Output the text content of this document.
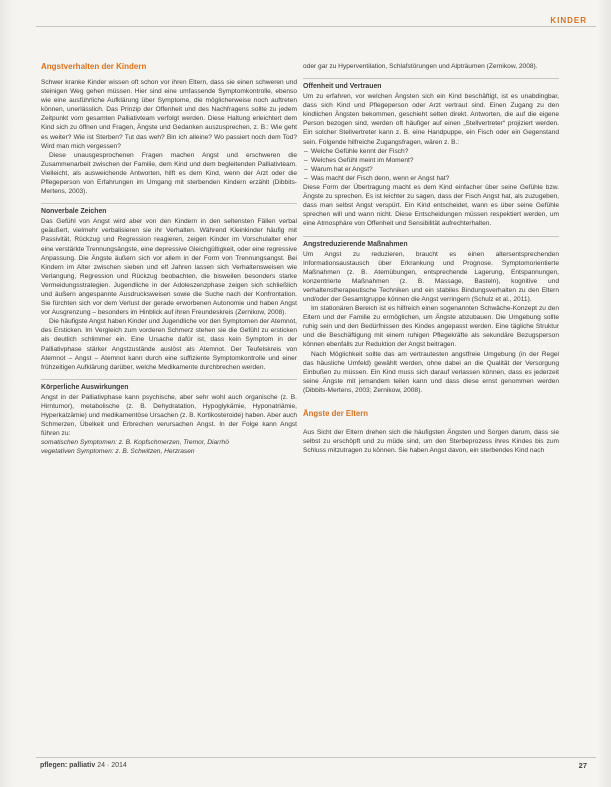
KINDER
Angstverhalten der Kindern

Schwer kranke Kinder wissen oft schon vor ihren Eltern, dass sie einen schweren und steinigen Weg gehen müssen. Hier sind eine umfassende Symptomkontrolle, ebenso wie eine ausführliche Aufklärung über Symptome, die möglicherweise noch auftreten können, unerlässlich. Das Prinzip der Offenheit und des Nachfragens sollte zu jedem Zeitpunkt vom gesamten Palliativteam verfolgt werden. Diese Haltung erleichtert dem Kind sich zu öffnen und Fragen, Ängste und Gedanken auszusprechen, z. B.: Wie geht es weiter? Wie ist Sterben? Tut das weh? Bin ich alleine? Wo passiert noch dem Tod? Wird man mich vergessen?

Diese unausgesprochenen Fragen machen Angst und erschweren die Zusammenarbeit zwischen der Familie, dem Kind und dem begleitenden Palliativteam. Vielleicht, als ausweichende Antworten, hilft es dem Kind, wenn der Arzt oder die Pflegeperson von Erfahrungen im Umgang mit sterbenden Kindern erzählt (Dibbits-Mertens, 2003).

Nonverbale Zeichen

Das Gefühl von Angst wird aber von den Kindern in den seltensten Fällen verbal geäußert, vielmehr verbalisieren sie ihr Verhalten. Während Kleinkinder häufig mit Passivität, Rückzug und Regression reagieren, zeigen Kinder im Vorschulalter eher eine verstärkte Trennungsängste, eine depressive Gleichgültigkeit, oder eine regressive Anpassung. Die Ängste äußern sich vor allem in der Form von Trennungsangst. Bei Kindern im Alter zwischen sieben und elf Jahren lassen sich Verhaltensweisen wie Verlangung, Regression und Rückzug beobachten, die bisweilen besonders starke Vermeidungsstrategien. Jugendliche in der Adoleszenzphase zeigen sich schließlich und äußern angespannte Ausdrucksweisen sowie die Suche nach der Konfrontation. Sie fürchten sich vor dem Verlust der gerade erworbenen Autonomie und haben Angst vor Ausgrenzung – besonders im Hinblick auf ihren Freundeskreis (Zernikow, 2008).

Die häufigste Angst haben Kinder und Jugendliche vor den Symptomen der Atemnot, des Ersticken. Im Vergleich zum vorderen Schmerz stehen sie die Gefühl zu ersticken als deutlich schlimmer ein. Eine Ursache dafür ist, dass kein Symptom in der Palliativphase stärker Angstzustände auslöst als Atemnot. Der Teufelskreis von Atemnot – Angst – Atemnot kann durch eine suffiziente Symptomkontrolle und einer frühzeitigen Aufklärung darüber, welche Medikamente durchbrechen werden.

Körperliche Auswirkungen

Angst in der Palliativphase kann psychische, aber sehr wohl auch organische (z. B. Hirntumor), metabolische (z. B. Dehydratation, Hypoglykämie, Hyponatriämie, Hyperkalzämie) und medikamentöse Ursachen (z. B. Kortikosteroide) haben. Aber auch Schmerzen, Übelkeit und Erbrechen verursachen Angst. In der Folge kann Angst führen zu:

somatischen Symptomen: z. B. Kopfschmerzen, Tremor, Diarrhö

vegetativen Symptomen: z. B. Schwitzen, Herzrasen

oder gar zu Hyperventilation, Schlafstörungen und Alpträumen (Zernikow, 2008).

Offenheit und Vertrauen

Um zu erfahren, vor welchen Ängsten sich ein Kind beschäftigt, ist es unabdingbar, dass sich Kind und Pflegeperson oder Arzt vertraut sind. Einen Zugang zu den kindlichen Ängsten bekommen, geschieht selten direkt. Antworten, die auf die eigene Person bezogen sind, werden oft häufiger auf einen „Stellvertreter“ projiziert werden. Ein solcher Stellvertreter kann z. B. eine Handpuppe, ein Fisch oder ein Gegenstand sein. Folgende hilfreiche Zugangsfragen, wären z. B.:

– Welche Gefühle kennt der Fisch?
– Welches Gefühl meint im Moment?
– Warum hat er Angst?
– Was macht der Fisch denn, wenn er Angst hat?

Diese Form der Übertragung macht es dem Kind einfacher über seine Gefühle bzw. Ängste zu sprechen. Es ist leichter zu sagen, dass der Fisch Angst hat, als zuzugeben, dass man selbst Angst verspürt. Ein Kind entscheidet, wann es über seine Gefühle sprechen will und wann nicht. Diese Entscheidungen müssen respektiert werden, um eine Atmosphäre von Offenheit und Sensibilität aufrechterhalten.

Angstreduzierende Maßnahmen

Um Angst zu reduzieren, braucht es einen altersentsprechenden Informationsaustausch über Erkrankung und Prognose. Symptomorientierte Maßnahmen (z. B. Atemübungen, entsprechende Lagerung, Entspannungen, konzentrierte Maßnahmen (z. B. Massage, Basteln), kognitive und verhaltenstherapeutische Techniken und ein stabiles Bindungsverhalten zu den Eltern und/oder der Gesamtgruppe können die Angst verringern (Schulz et al., 2011).

Im stationären Bereich ist es hilfreich einen sogenannten Schwäche-Konzept zu den Eltern und der Familie zu ermöglichen, um Ängste abzubauen. Die Umgebung sollte ruhig sein und den Bedürfnissen des Kindes angepasst werden. Eine tägliche Struktur und die Beschäftigung mit einem ruhigen Pflegekräfte als sekundäre Bezugsperson können ebenfalls zur Reduktion der Angst beitragen.

Nach Möglichkeit sollte das am vertrautesten angstfreie Umgebung (in der Regel das häusliche Umfeld) gewählt werden, ohne dabei an die Qualität der Versorgung Einbußen zu müssen. Ein Kind muss sich darauf verlassen können, dass es jederzeit seine Ängste mit jemandem teilen kann und dass diese ernst genommen werden (Dibbits-Mertens, 2003; Zernikow, 2008).

Ängste der Eltern

Aus Sicht der Eltern drehen sich die häufigsten Ängsten und Sorgen darum, dass sie selbst zu erschöpft und zu müde sind, um den Sterbeprozess ihres Kindes bis zum Schluss mitzutragen zu können. Sie haben Angst davon, ein sterbendes Kind nach

pflegen: palliativ 24 · 2014	27
